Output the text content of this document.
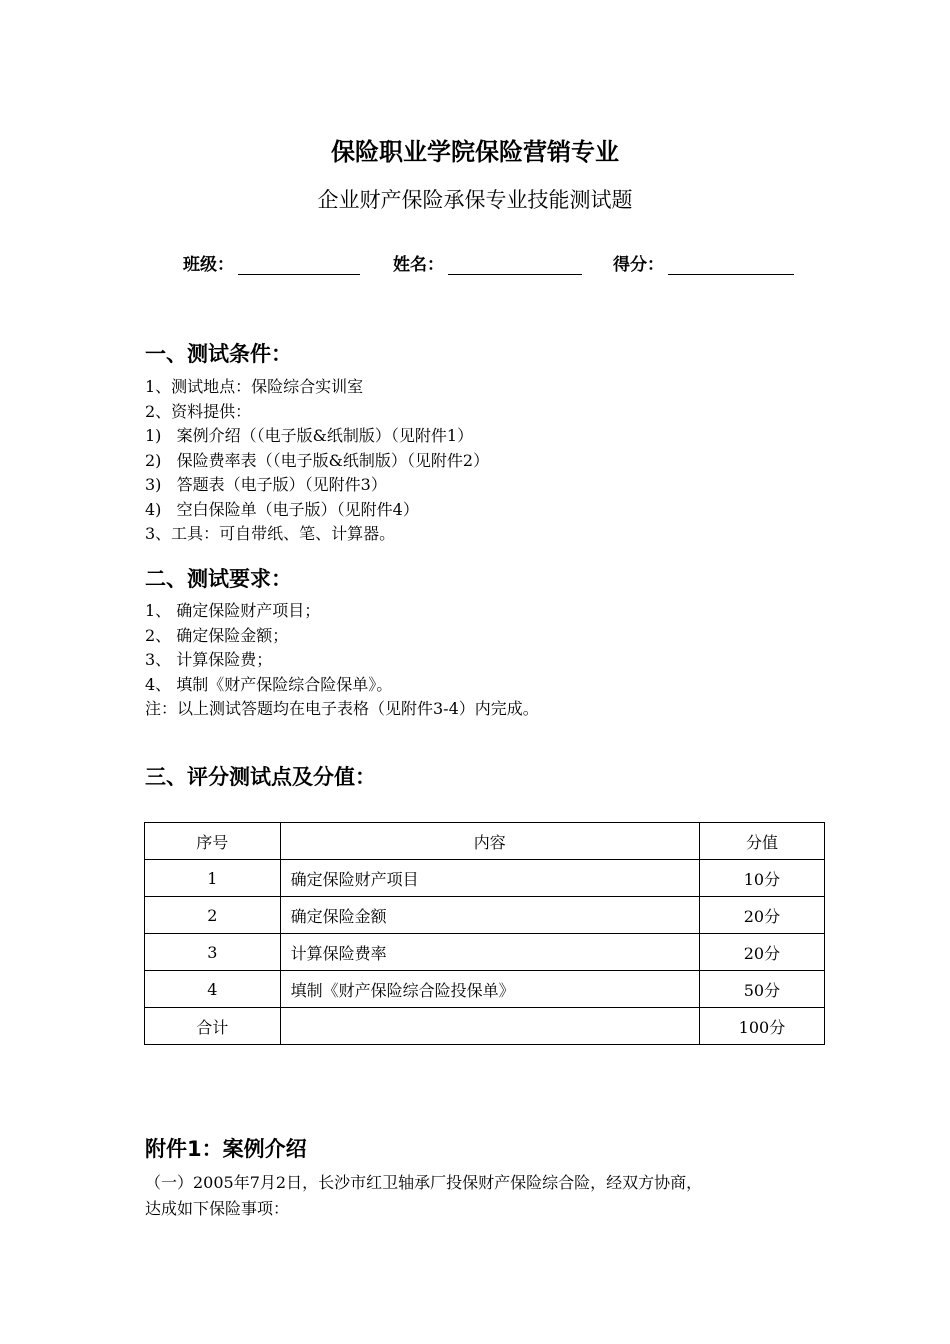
保险职业学院保险营销专业
企业财产保险承保专业技能测试题
班级：	姓名：	得分：
一、测试条件：
1、测试地点：保险综合实训室
2、资料提供：
1)   案例介绍（（电子版&纸制版）（见附件1）
2)   保险费率表（（电子版&纸制版）（见附件2）
3)   答题表（电子版）（见附件3）
4)   空白保险单（电子版）（见附件4）
3、工具：可自带纸、笔、计算器。
二、测试要求：
1、 确定保险财产项目；
2、 确定保险金额；
3、 计算保险费；
4、 填制《财产保险综合险保单》。
注：以上测试答题均在电子表格（见附件3-4）内完成。
三、评分测试点及分值：
序号	内容	分值
1	确定保险财产项目	10分
2	确定保险金额	20分
3	计算保险费率	20分
4	填制《财产保险综合险投保单》	50分
合计		100分
附件1：案例介绍
（一）2005年7月2日，长沙市红卫轴承厂投保财产保险综合险，经双方协商，
达成如下保险事项：
